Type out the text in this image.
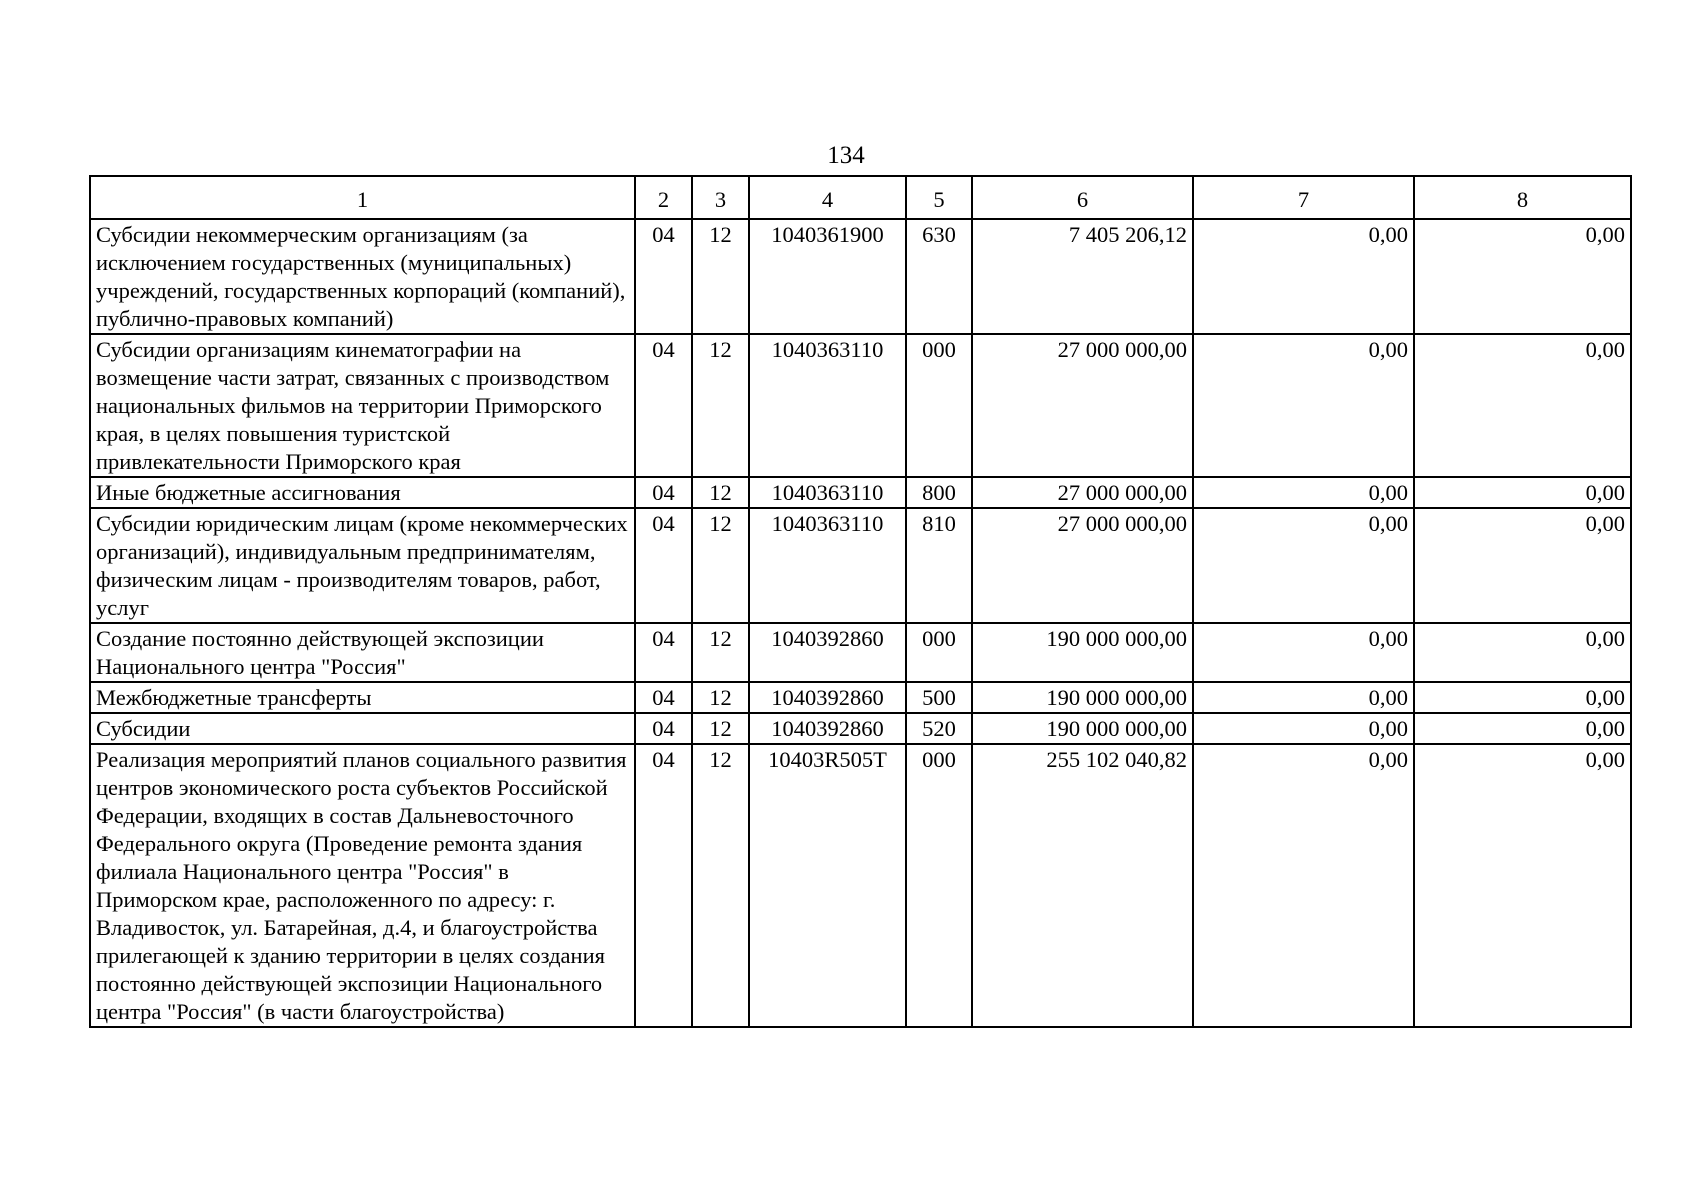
134
1	2	3	4	5	6	7	8
Субсидии некоммерческим организациям (за исключением государственных (муниципальных) учреждений, государственных корпораций (компаний), публично-правовых компаний)	04	12	1040361900	630	7 405 206,12	0,00	0,00
Субсидии организациям кинематографии на возмещение части затрат, связанных с производством национальных фильмов на территории Приморского края, в целях повышения туристской привлекательности Приморского края	04	12	1040363110	000	27 000 000,00	0,00	0,00
Иные бюджетные ассигнования	04	12	1040363110	800	27 000 000,00	0,00	0,00
Субсидии юридическим лицам (кроме некоммерческих организаций), индивидуальным предпринимателям, физическим лицам - производителям товаров, работ, услуг	04	12	1040363110	810	27 000 000,00	0,00	0,00
Создание постоянно действующей экспозиции Национального центра "Россия"	04	12	1040392860	000	190 000 000,00	0,00	0,00
Межбюджетные трансферты	04	12	1040392860	500	190 000 000,00	0,00	0,00
Субсидии	04	12	1040392860	520	190 000 000,00	0,00	0,00
Реализация мероприятий планов социального развития центров экономического роста субъектов Российской Федерации, входящих в состав Дальневосточного Федерального округа (Проведение ремонта здания филиала Национального центра "Россия" в Приморском крае, расположенного по адресу: г. Владивосток, ул. Батарейная, д.4, и благоустройства прилегающей к зданию территории в целях создания постоянно действующей экспозиции Национального центра "Россия" (в части благоустройства)	04	12	10403R505T	000	255 102 040,82	0,00	0,00
